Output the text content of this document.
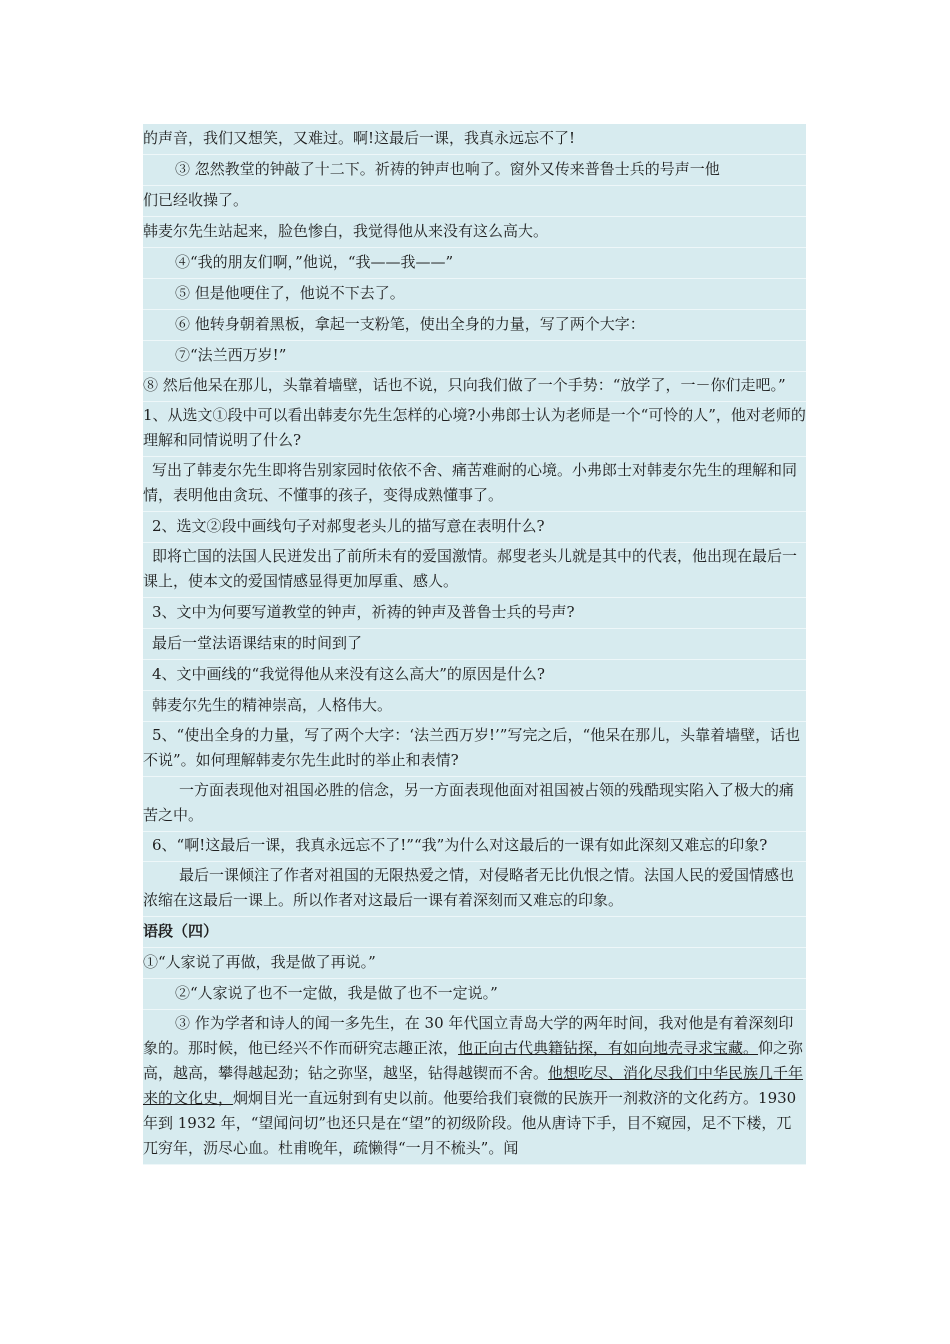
的声音，我们又想笑，又难过。啊!这最后一课，我真永远忘不了!
③ 忽然教堂的钟敲了十二下。祈祷的钟声也响了。窗外又传来普鲁士兵的号声一他
们已经收操了。
韩麦尔先生站起来，脸色惨白，我觉得他从来没有这么高大。
④“我的朋友们啊，”他说，“我——我——”
⑤ 但是他哽住了，他说不下去了。
⑥ 他转身朝着黑板，拿起一支粉笔，使出全身的力量，写了两个大字：
⑦“法兰西万岁!”
⑧ 然后他呆在那儿，头靠着墙壁，话也不说，只向我们做了一个手势：“放学了，一－你们走吧。”
1、从选文①段中可以看出韩麦尔先生怎样的心境?小弗郎士认为老师是一个“可怜的人”，他对老师的理解和同情说明了什么?
写出了韩麦尔先生即将告别家园时依依不舍、痛苦难耐的心境。小弗郎士对韩麦尔先生的理解和同情，表明他由贪玩、不懂事的孩子，变得成熟懂事了。
2、选文②段中画线句子对郝叟老头儿的描写意在表明什么?
即将亡国的法国人民迸发出了前所未有的爱国激情。郝叟老头儿就是其中的代表，他出现在最后一课上，使本文的爱国情感显得更加厚重、感人。
3、文中为何要写道教堂的钟声，祈祷的钟声及普鲁士兵的号声?
最后一堂法语课结束的时间到了
4、文中画线的“我觉得他从来没有这么高大”的原因是什么?
韩麦尔先生的精神崇高，人格伟大。
5、“使出全身的力量，写了两个大字：‘法兰西万岁!’”写完之后，“他呆在那儿，头靠着墙壁，话也不说”。如何理解韩麦尔先生此时的举止和表情?
一方面表现他对祖国必胜的信念，另一方面表现他面对祖国被占领的残酷现实陷入了极大的痛苦之中。
6、“啊!这最后一课，我真永远忘不了!”“我”为什么对这最后的一课有如此深刻又难忘的印象?
最后一课倾注了作者对祖国的无限热爱之情，对侵略者无比仇恨之情。法国人民的爱国情感也浓缩在这最后一课上。所以作者对这最后一课有着深刻而又难忘的印象。
语段（四）
①“人家说了再做，我是做了再说。”
②“人家说了也不一定做，我是做了也不一定说。”
③ 作为学者和诗人的闻一多先生，在 30 年代国立青岛大学的两年时间，我对他是有着深刻印象的。那时候，他已经兴不作而研究志趣正浓，他正向古代典籍钻探，有如向地壳寻求宝藏。仰之弥高，越高，攀得越起劲；钻之弥坚，越坚，钻得越锲而不舍。他想吃尽、消化尽我们中华民族几千年来的文化史，炯炯目光一直远射到有史以前。他要给我们衰微的民族开一剂救济的文化药方。1930 年到 1932 年，“望闻问切”也还只是在“望”的初级阶段。他从唐诗下手，目不窥园，足不下楼，兀兀穷年，沥尽心血。杜甫晚年，疏懒得“一月不梳头”。闻
